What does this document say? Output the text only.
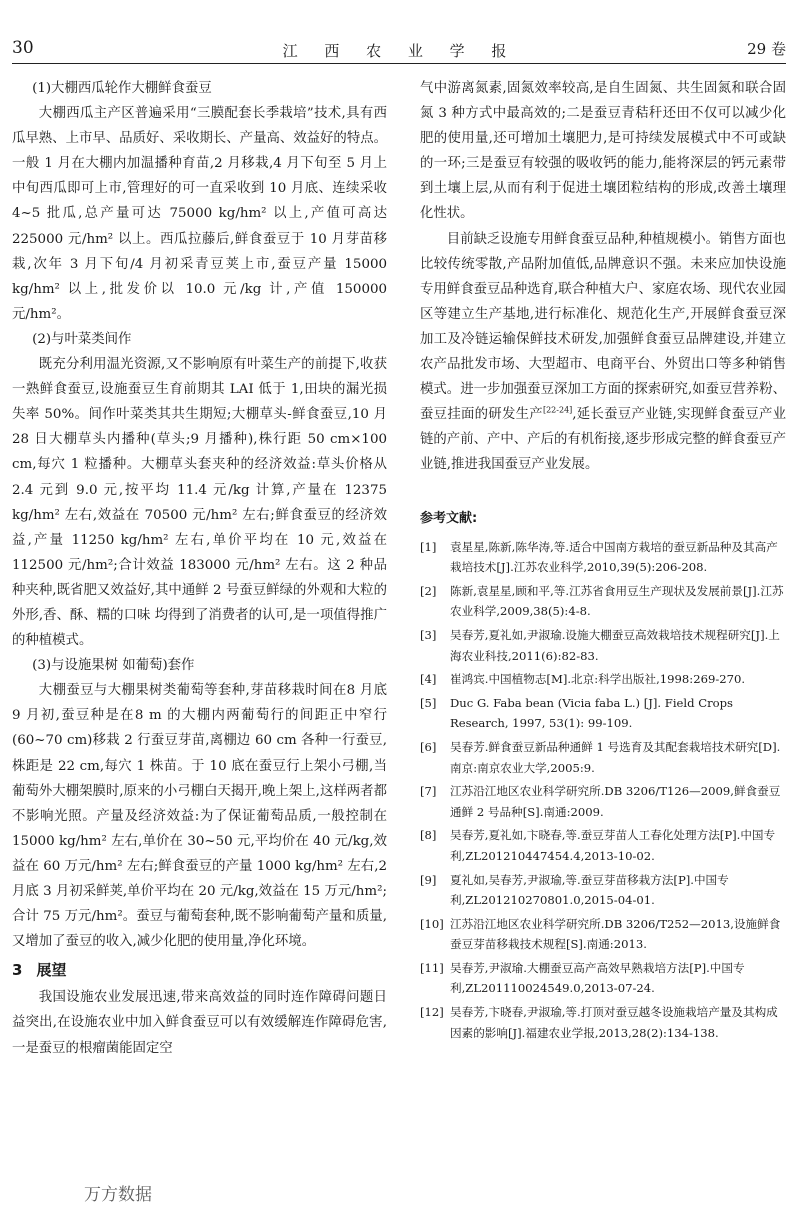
30	江 西 农 业 学 报	29 卷

(1)大棚西瓜轮作大棚鲜食蚕豆

大棚西瓜主产区普遍采用“三膜配套长季栽培”技术,具有西瓜早熟、上市早、品质好、采收期长、产量高、效益好的特点。一般 1 月在大棚内加温播种育苗,2 月移栽,4 月下旬至 5 月上中旬西瓜即可上市,管理好的可一直采收到 10 月底、连续采收 4~5 批瓜,总产量可达 75000 kg/hm² 以上,产值可高达 225000 元/hm² 以上。西瓜拉藤后,鲜食蚕豆于 10 月芽苗移栽,次年 3 月下旬/4 月初采青豆荚上市,蚕豆产量 15000 kg/hm² 以上,批发价以 10.0 元/kg 计,产值 150000 元/hm²。

(2)与叶菜类间作

既充分利用温光资源,又不影响原有叶菜生产的前提下,收获一熟鲜食蚕豆,设施蚕豆生育前期其 LAI 低于 1,田块的漏光损失率 50%。间作叶菜类其共生期短;大棚草头-鲜食蚕豆,10 月 28 日大棚草头内播种(草头;9 月播种),株行距 50 cm×100 cm,每穴 1 粒播种。大棚草头套夹种的经济效益:草头价格从 2.4 元到 9.0 元,按平均 11.4 元/kg 计算,产量在 12375 kg/hm² 左右,效益在 70500 元/hm² 左右;鲜食蚕豆的经济效益,产量 11250 kg/hm² 左右,单价平均在 10 元,效益在 112500 元/hm²;合计效益 183000 元/hm² 左右。这 2 种品种夹种,既省肥又效益好,其中通鲜 2 号蚕豆鲜绿的外观和大粒的外形,香、酥、糯的口味 均得到了消费者的认可,是一项值得推广的种植模式。

(3)与设施果树 如葡萄)套作

大棚蚕豆与大棚果树类葡萄等套种,芽苗移栽时间在8 月底 9 月初,蚕豆种是在8 m 的大棚内两葡萄行的间距正中窄行(60~70 cm)移栽 2 行蚕豆芽苗,离棚边 60 cm 各种一行蚕豆,株距是 22 cm,每穴 1 株苗。于 10 底在蚕豆行上架小弓棚,当葡萄外大棚架膜时,原来的小弓棚白天揭开,晚上架上,这样两者都不影响光照。产量及经济效益:为了保证葡萄品质,一般控制在 15000 kg/hm² 左右,单价在 30~50 元,平均价在 40 元/kg,效益在 60 万元/hm² 左右;鲜食蚕豆的产量 1000 kg/hm² 左右,2 月底 3 月初采鲜荚,单价平均在 20 元/kg,效益在 15 万元/hm²;合计 75 万元/hm²。蚕豆与葡萄套种,既不影响葡萄产量和质量,又增加了蚕豆的收入,减少化肥的使用量,净化环境。

3 展望

我国设施农业发展迅速,带来高效益的同时连作障碍问题日益突出,在设施农业中加入鲜食蚕豆可以有效缓解连作障碍危害,一是蚕豆的根瘤菌能固定空

气中游离氮素,固氮效率较高,是自生固氮、共生固氮和联合固氮 3 种方式中最高效的;二是蚕豆青秸秆还田不仅可以减少化肥的使用量,还可增加土壤肥力,是可持续发展模式中不可或缺的一环;三是蚕豆有较强的吸收钙的能力,能将深层的钙元素带到土壤上层,从而有利于促进土壤团粒结构的形成,改善土壤理化性状。

目前缺乏设施专用鲜食蚕豆品种,种植规模小。销售方面也比较传统零散,产品附加值低,品牌意识不强。未来应加快设施专用鲜食蚕豆品种选育,联合种植大户、家庭农场、现代农业园区等建立生产基地,进行标准化、规范化生产,开展鲜食蚕豆深加工及冷链运输保鲜技术研发,加强鲜食蚕豆品牌建设,并建立农产品批发市场、大型超市、电商平台、外贸出口等多种销售模式。进一步加强蚕豆深加工方面的探索研究,如蚕豆营养粉、蚕豆挂面的研发生产[22-24],延长蚕豆产业链,实现鲜食蚕豆产业链的产前、产中、产后的有机衔接,逐步形成完整的鲜食蚕豆产业链,推进我国蚕豆产业发展。

参考文献:
[1] 袁星星,陈新,陈华涛,等.适合中国南方栽培的蚕豆新品种及其高产栽培技术[J].江苏农业科学,2010,39(5):206-208.
[2] 陈新,袁星星,顾和平,等.江苏省食用豆生产现状及发展前景[J].江苏农业科学,2009,38(5):4-8.
[3] 吴春芳,夏礼如,尹淑瑜.设施大棚蚕豆高效栽培技术规程研究[J].上海农业科技,2011(6):82-83.
[4] 崔鸿宾.中国植物志[M].北京:科学出版社,1998:269-270.
[5] Duc G. Faba bean (Vicia faba L.) [J]. Field Crops Research, 1997, 53(1): 99-109.
[6] 吴春芳.鲜食蚕豆新品种通鲜 1 号选育及其配套栽培技术研究[D].南京:南京农业大学,2005:9.
[7] 江苏沿江地区农业科学研究所.DB 3206/T126—2009,鲜食蚕豆通鲜 2 号品种[S].南通:2009.
[8] 吴春芳,夏礼如,卞晓春,等.蚕豆芽苗人工春化处理方法[P].中国专利,ZL201210447454.4,2013-10-02.
[9] 夏礼如,吴春芳,尹淑瑜,等.蚕豆芽苗移栽方法[P].中国专利,ZL201210270801.0,2015-04-01.
[10] 江苏沿江地区农业科学研究所.DB 3206/T252—2013,设施鲜食蚕豆芽苗移栽技术规程[S].南通:2013.
[11] 吴春芳,尹淑瑜.大棚蚕豆高产高效早熟栽培方法[P].中国专利,ZL201110024549.0,2013-07-24.
[12] 吴春芳,卞晓春,尹淑瑜,等.打顶对蚕豆越冬设施栽培产量及其构成因素的影响[J].福建农业学报,2013,28(2):134-138.
万方数据
